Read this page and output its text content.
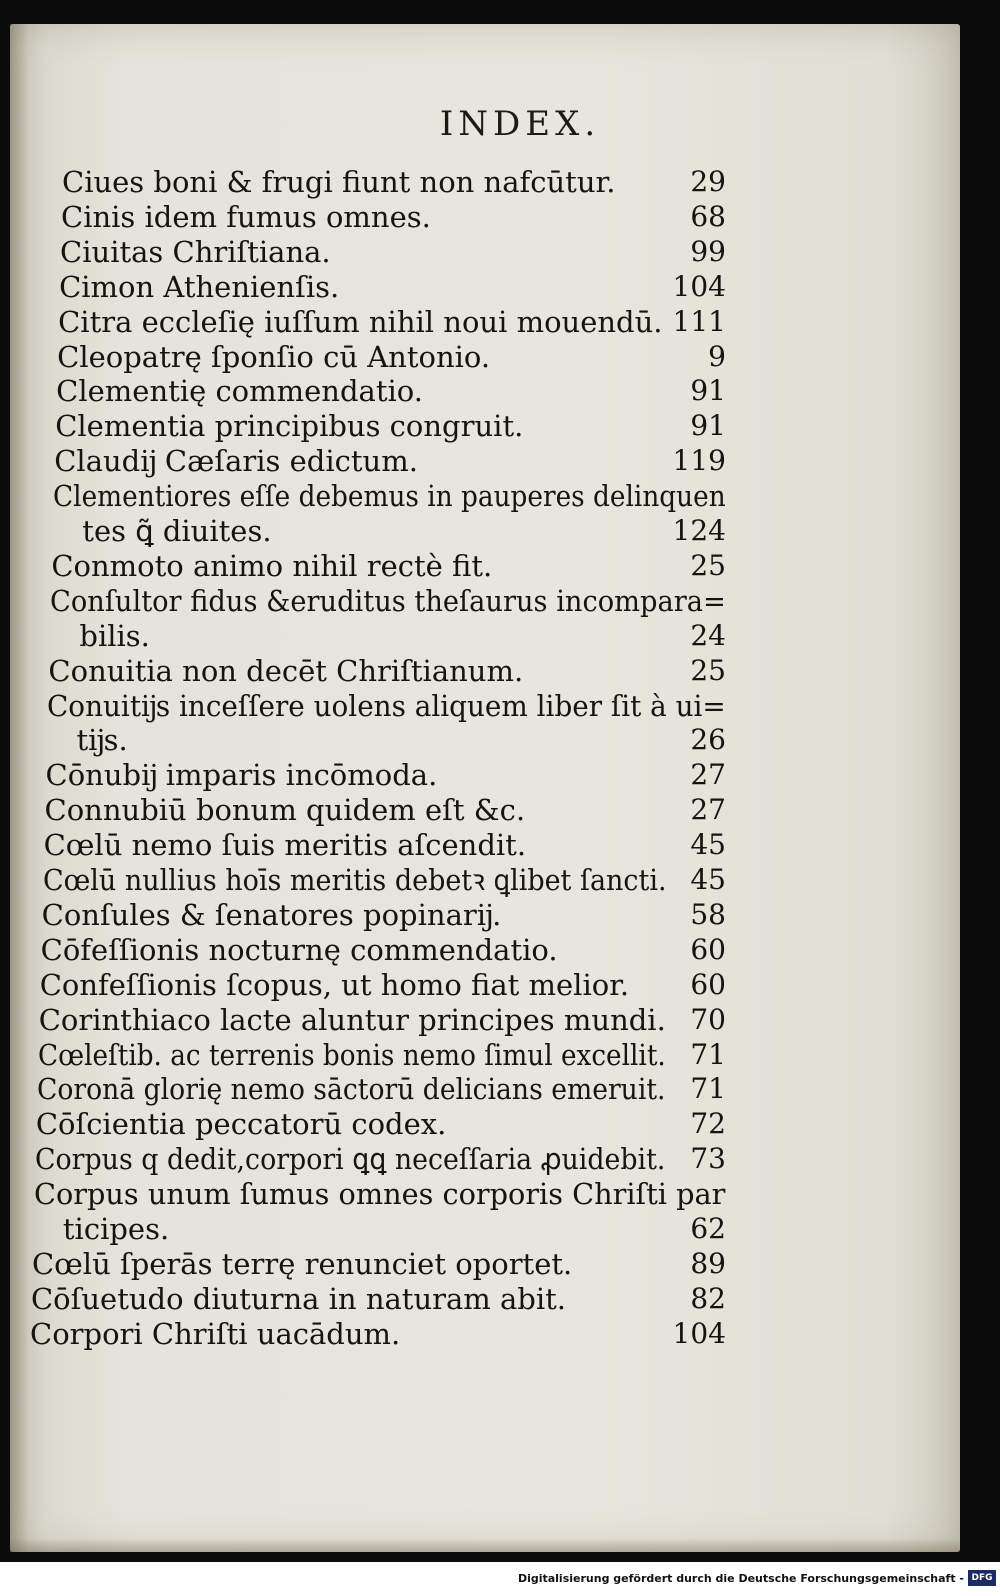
INDEX.
Ciues boni & frugi fiunt non nafcūtur.	29
Cinis idem fumus omnes.	68
Ciuitas Chriſtiana.	99
Cimon Athenienſis.	104
Citra eccleſię iuſſum nihil noui mouendū. 111
Cleopatrę ſponſio cū Antonio.	9
Clementię commendatio.	91
Clementia principibus congruit.	91
Claudĳ Cæſaris edictum.	119
Clementiores eſſe debemus in pauperes delinquen
tes ꝗ̃ diuites.	124
Conmoto animo nihil rectè fit.	25
Conſultor fidus &eruditus theſaurus incompara=
bilis.	24
Conuitia non decēt Chriſtianum.	25
Conuitĳs inceſſere uolens aliquem liber ſit à ui=
tĳs.	26
Cōnubĳ imparis incōmoda.	27
Connubiū bonum quidem eſt &c.	27
Cœlū nemo ſuis meritis aſcendit.	45
Cœlū nullius hoīs meritis debetꝛ ꝗlibet ſancti. 45
Conſules & ſenatores popinarĳ.	58
Cōfeſſionis nocturnę commendatio.	60
Confeſſionis ſcopus, ut homo fiat melior. 60
Corinthiaco lacte aluntur principes mundi. 70
Cœleſtib. ac terrenis bonis nemo ſimul excellit. 71
Coronā glorię nemo sāctorū delicians emeruit. 71
Cōſcientia peccatorū codex.	72
Corpus q dedit,corpori ꝗꝗ neceſſaria ꝓuidebit. 73
Corpus unum ſumus omnes corporis Chriſti par
ticipes.	62
Cœlū ſperās terrę renunciet oportet.	89
Cōſuetudo diuturna in naturam abit.	82
Corpori Chriſti uacādum.	104
Digitalisierung gefördert durch die Deutsche Forschungsgemeinschaft - DFG
